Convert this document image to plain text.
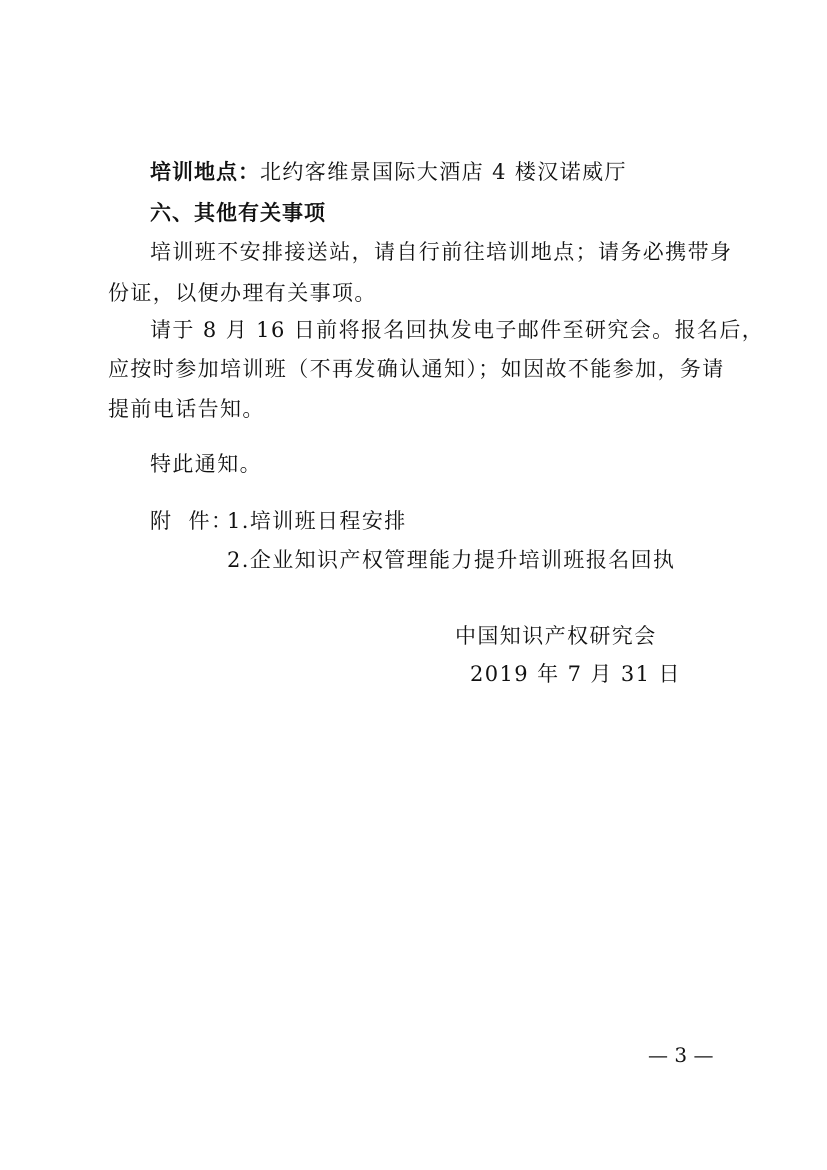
培训地点：北约客维景国际大酒店 4 楼汉诺威厅
六、其他有关事项
培训班不安排接送站，请自行前往培训地点；请务必携带身
份证，以便办理有关事项。
请于 8 月 16 日前将报名回执发电子邮件至研究会。报名后，
应按时参加培训班（不再发确认通知）；如因故不能参加，务请
提前电话告知。
特此通知。
附  件：
1.培训班日程安排
2.企业知识产权管理能力提升培训班报名回执
中国知识产权研究会
2019 年 7 月 31 日
— 3 —
